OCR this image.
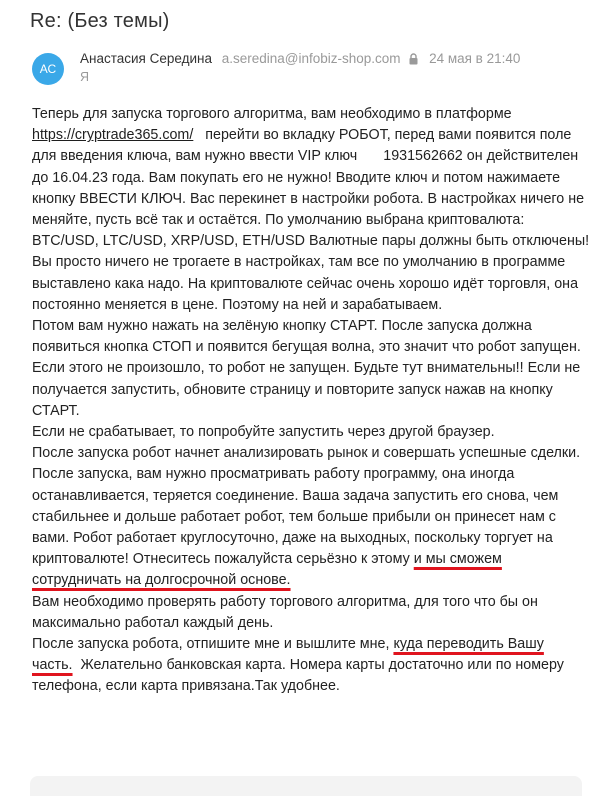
Re: (Без темы)
АС
Анастасия Середина a.seredina@infobiz-shop.com 24 мая в 21:40
Я

Теперь для запуска торгового алгоритма, вам необходимо в платформе
https://cryptrade365.com/ перейти во вкладку РОБОТ, перед вами появится поле для введения ключа, вам нужно ввести VIP ключ 1931562662 он действителен до 16.04.23 года. Вам покупать его не нужно! Вводите ключ и потом нажимаете кнопку ВВЕСТИ КЛЮЧ. Вас перекинет в настройки робота. В настройках ничего не меняйте, пусть всё так и остаётся. По умолчанию выбрана криптовалюта: BTC/USD, LTC/USD, XRP/USD, ETH/USD Валютные пары должны быть отключены! Вы просто ничего не трогаете в настройках, там все по умолчанию в программе выставлено кака надо. На криптовалюте сейчас очень хорошо идёт торговля, она постоянно меняется в цене. Поэтому на ней и зарабатываем.

Потом вам нужно нажать на зелёную кнопку СТАРТ. После запуска должна появиться кнопка СТОП и появится бегущая волна, это значит что робот запущен. Если этого не произошло, то робот не запущен. Будьте тут внимательны!! Если не получается запустить, обновите страницу и повторите запуск нажав на кнопку СТАРТ.

Если не срабатывает, то попробуйте запустить через другой браузер.

После запуска робот начнет анализировать рынок и совершать успешные сделки.

После запуска, вам нужно просматривать работу программу, она иногда останавливается, теряется соединение. Ваша задача запустить его снова, чем стабильнее и дольше работает робот, тем больше прибыли он принесет нам с вами. Робот работает круглосуточно, даже на выходных, поскольку торгует на криптовалюте! Отнеситесь пожалуйста серьёзно к этому и мы сможем сотрудничать на долгосрочной основе.

Вам необходимо проверять работу торгового алгоритма, для того что бы он максимально работал каждый день.

После запуска робота, отпишите мне и вышлите мне, куда переводить Вашу часть. Желательно банковская карта. Номера карты достаточно или по номеру телефона, если карта привязана.Так удобнее.
